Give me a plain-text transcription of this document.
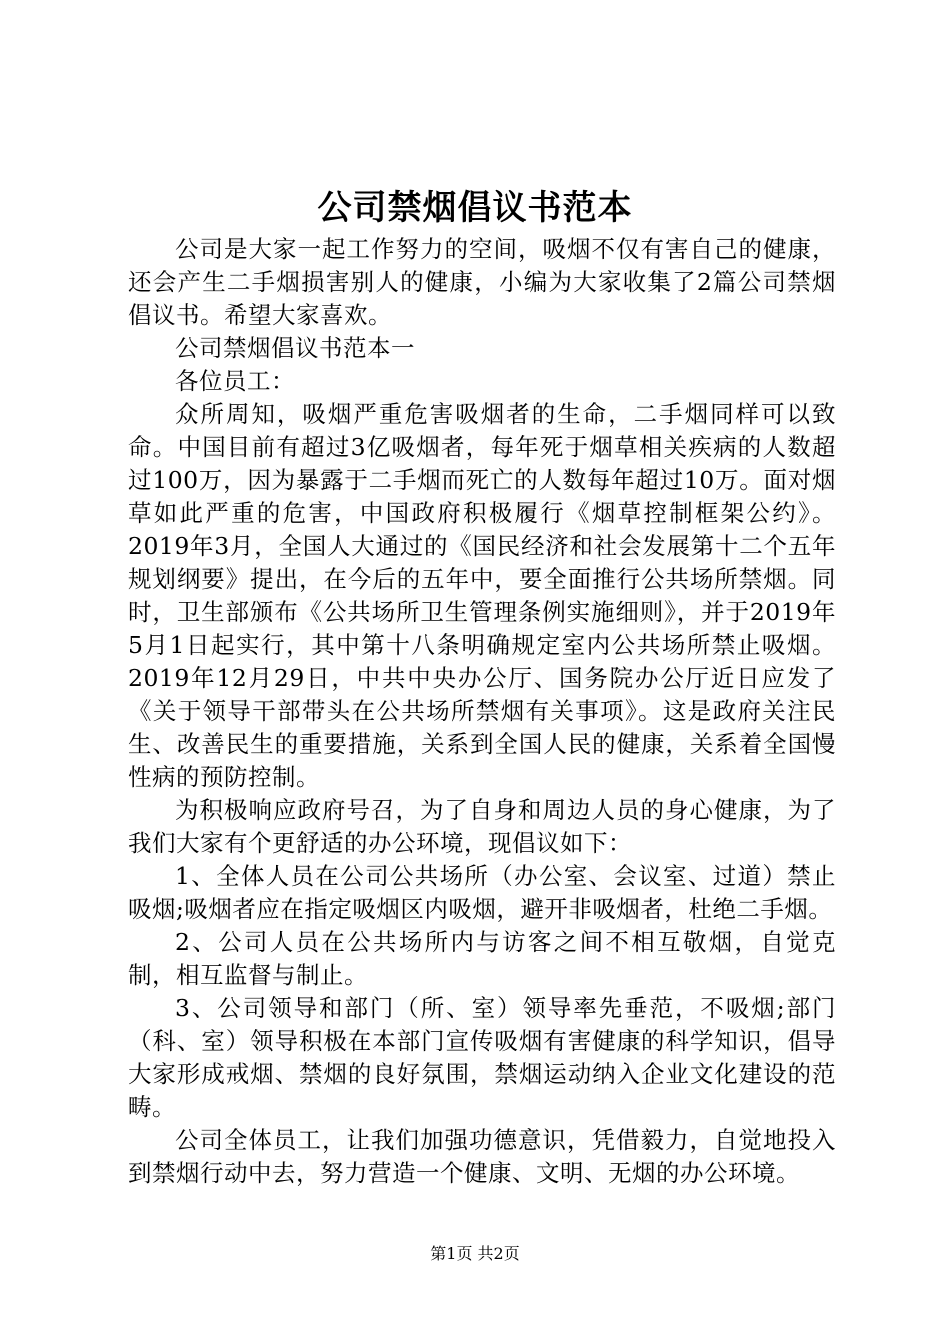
公司禁烟倡议书范本

公司是大家一起工作努力的空间，吸烟不仅有害自己的健康，还会产生二手烟损害别人的健康，小编为大家收集了2篇公司禁烟倡议书。希望大家喜欢。

公司禁烟倡议书范本一

各位员工：

众所周知，吸烟严重危害吸烟者的生命，二手烟同样可以致命。中国目前有超过3亿吸烟者，每年死于烟草相关疾病的人数超过100万，因为暴露于二手烟而死亡的人数每年超过10万。面对烟草如此严重的危害，中国政府积极履行《烟草控制框架公约》。2019年3月，全国人大通过的《国民经济和社会发展第十二个五年规划纲要》提出，在今后的五年中，要全面推行公共场所禁烟。同时，卫生部颁布《公共场所卫生管理条例实施细则》，并于2019年5月1日起实行，其中第十八条明确规定室内公共场所禁止吸烟。2019年12月29日，中共中央办公厅、国务院办公厅近日应发了《关于领导干部带头在公共场所禁烟有关事项》。这是政府关注民生、改善民生的重要措施，关系到全国人民的健康，关系着全国慢性病的预防控制。

为积极响应政府号召，为了自身和周边人员的身心健康，为了我们大家有个更舒适的办公环境，现倡议如下：

1、全体人员在公司公共场所（办公室、会议室、过道）禁止吸烟;吸烟者应在指定吸烟区内吸烟，避开非吸烟者，杜绝二手烟。

2、公司人员在公共场所内与访客之间不相互敬烟，自觉克制，相互监督与制止。

3、公司领导和部门（所、室）领导率先垂范，不吸烟;部门（科、室）领导积极在本部门宣传吸烟有害健康的科学知识，倡导大家形成戒烟、禁烟的良好氛围，禁烟运动纳入企业文化建设的范畴。

公司全体员工，让我们加强功德意识，凭借毅力，自觉地投入到禁烟行动中去，努力营造一个健康、文明、无烟的办公环境。

第1页 共2页
